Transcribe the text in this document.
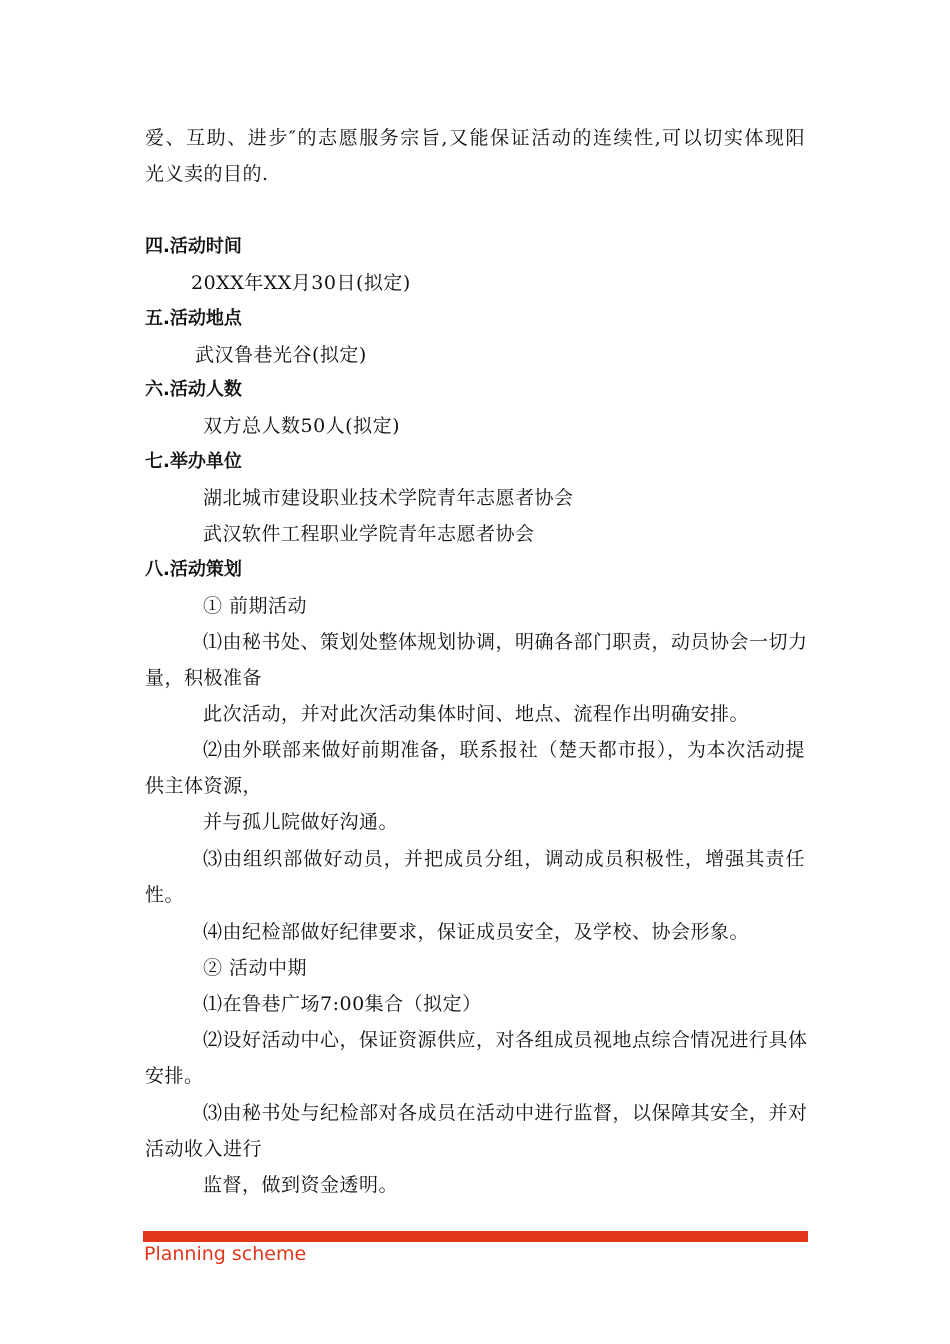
爱、互助、进步″的志愿服务宗旨,又能保证活动的连续性,可以切实体现阳
光义卖的目的.
四.活动时间
20XX年XX月30日(拟定)
五.活动地点
武汉鲁巷光谷(拟定)
六.活动人数
双方总人数50人(拟定)
七.举办单位
湖北城市建设职业技术学院青年志愿者协会
武汉软件工程职业学院青年志愿者协会
八.活动策划
① 前期活动
⑴由秘书处、策划处整体规划协调，明确各部门职责，动员协会一切力
量，积极准备
此次活动，并对此次活动集体时间、地点、流程作出明确安排。
⑵由外联部来做好前期准备，联系报社（楚天都市报），为本次活动提
供主体资源，
并与孤儿院做好沟通。
⑶由组织部做好动员，并把成员分组，调动成员积极性，增强其责任
性。
⑷由纪检部做好纪律要求，保证成员安全，及学校、协会形象。
② 活动中期
⑴在鲁巷广场7:00集合（拟定）
⑵设好活动中心，保证资源供应，对各组成员视地点综合情况进行具体
安排。
⑶由秘书处与纪检部对各成员在活动中进行监督，以保障其安全，并对
活动收入进行
监督，做到资金透明。
Planning scheme
